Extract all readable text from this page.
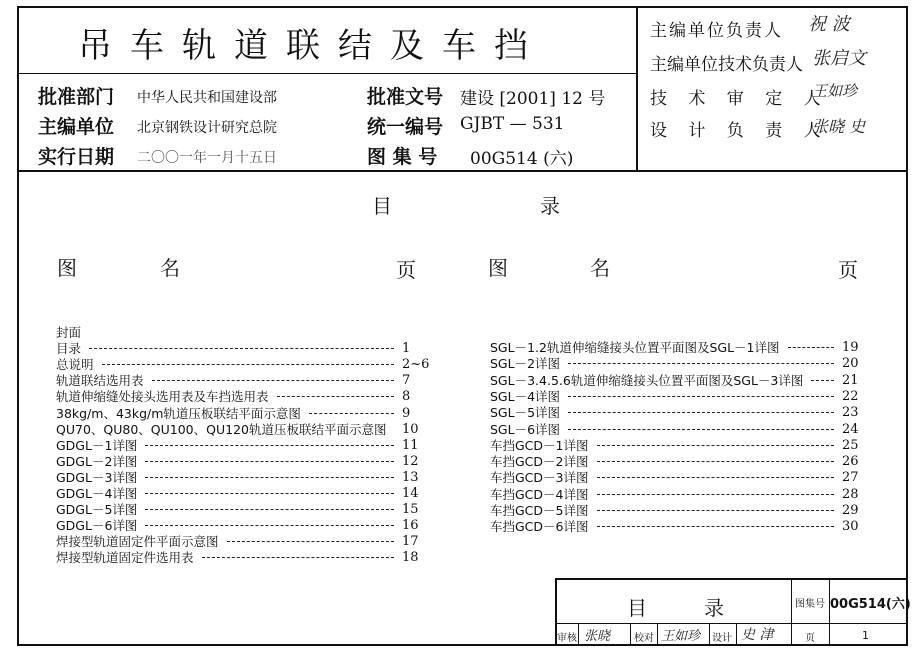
吊车轨道联结及车挡
批准部门 中华人民共和国建设部	批准文号 建设 [2001] 12 号
主编单位 北京钢铁设计研究总院	统一编号 GJBT — 531
实行日期 二〇〇一年一月十五日	图 集 号 00G514 (六)
主编单位负责人 祝 波
主编单位技术负责人 张启文
技 术 审 定 人
王如珍
设 计 负 责 人
张晓 史
目	录
图	名	页	图	名	页
封面
目录	1
总说明	2~6
轨道联结选用表	7
轨道伸缩缝处接头选用表及车挡选用表	8
38kg/m、43kg/m轨道压板联结平面示意图	9
QU70、QU80、QU100、QU120轨道压板联结平面示意图 10
GDGL－1详图	11
GDGL－2详图	12
GDGL－3详图	13
GDGL－4详图	14
GDGL－5详图	15
GDGL－6详图	16
焊接型轨道固定件平面示意图	17
焊接型轨道固定件选用表	18
SGL－1.2轨道伸缩缝接头位置平面图及SGL－1详图	19
SGL－2详图	20
SGL－3.4.5.6轨道伸缩缝接头位置平面图及SGL－3详图	21
SGL－4详图	22
SGL－5详图	23
SGL－6详图	24
车挡GCD－1详图	25
车挡GCD－2详图	26
车挡GCD－3详图	27
车挡GCD－4详图	28
车挡GCD－5详图	29
车挡GCD－6详图	30
目	录	图集号 00G514(六)
审核 张晓 校对 王如珍 设计 史 津	页	1
